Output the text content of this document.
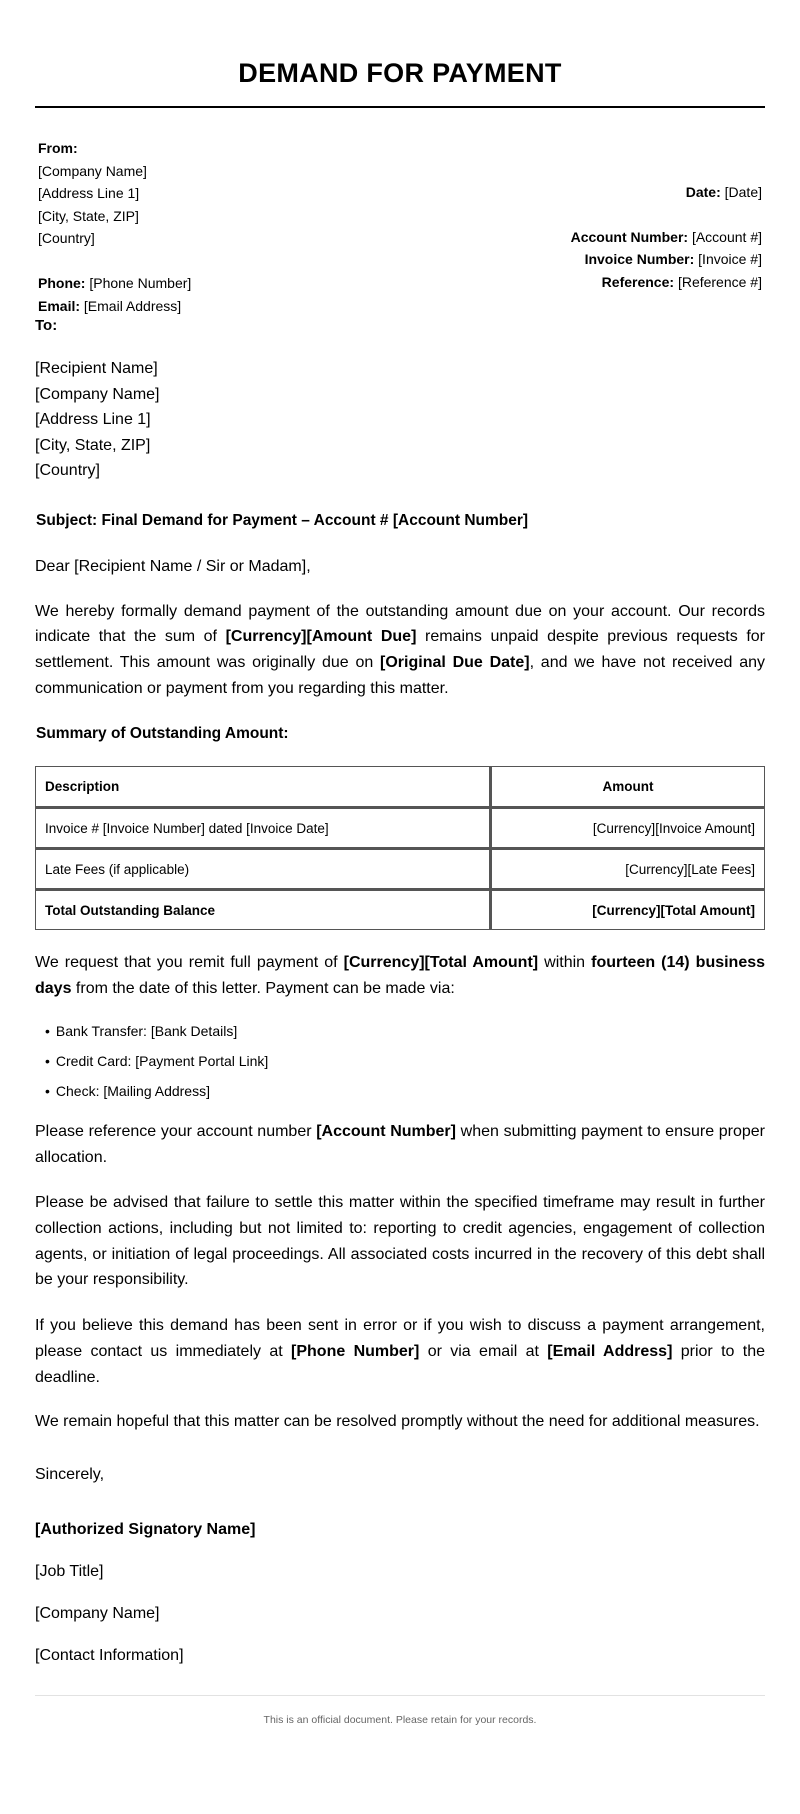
DEMAND FOR PAYMENT
From:
[Company Name]
[Address Line 1]
[City, State, ZIP]
[Country]
Phone: [Phone Number]
Email: [Email Address]
Date: [Date]
Account Number: [Account #]
Invoice Number: [Invoice #]
Reference: [Reference #]
To:
[Recipient Name]
[Company Name]
[Address Line 1]
[City, State, ZIP]
[Country]
Subject: Final Demand for Payment – Account # [Account Number]

Dear [Recipient Name / Sir or Madam],

We hereby formally demand payment of the outstanding amount due on your account. Our records indicate that the sum of [Currency][Amount Due] remains unpaid despite previous requests for settlement. This amount was originally due on [Original Due Date], and we have not received any communication or payment from you regarding this matter.

Summary of Outstanding Amount:
Description	Amount
Invoice # [Invoice Number] dated [Invoice Date]	[Currency][Invoice Amount]
Late Fees (if applicable)	[Currency][Late Fees]
Total Outstanding Balance	[Currency][Total Amount]

We request that you remit full payment of [Currency][Total Amount] within fourteen (14) business days from the date of this letter. Payment can be made via:

• Bank Transfer: [Bank Details]
• Credit Card: [Payment Portal Link]
• Check: [Mailing Address]

Please reference your account number [Account Number] when submitting payment to ensure proper allocation.

Please be advised that failure to settle this matter within the specified timeframe may result in further collection actions, including but not limited to: reporting to credit agencies, engagement of collection agents, or initiation of legal proceedings. All associated costs incurred in the recovery of this debt shall be your responsibility.

If you believe this demand has been sent in error or if you wish to discuss a payment arrangement, please contact us immediately at [Phone Number] or via email at [Email Address] prior to the deadline.

We remain hopeful that this matter can be resolved promptly without the need for additional measures.

Sincerely,
[Authorized Signatory Name]
[Job Title]
[Company Name]
[Contact Information]
This is an official document. Please retain for your records.
